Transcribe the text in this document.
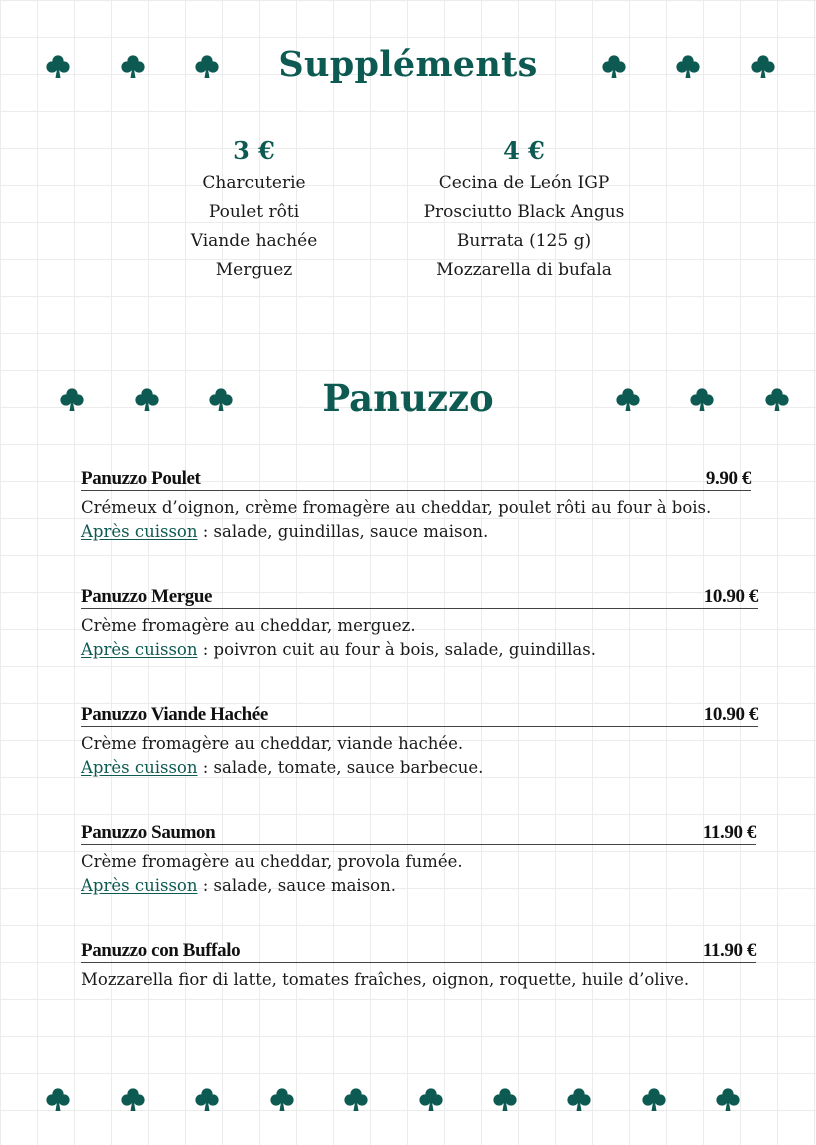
Suppléments
3 €
Charcuterie
Poulet rôti
Viande hachée
Merguez
4 €
Cecina de León IGP
Prosciutto Black Angus
Burrata (125 g)
Mozzarella di bufala
Panuzzo
Panuzzo Poulet	9.90 €
Crémeux d’oignon, crème fromagère au cheddar, poulet rôti au four à bois.
Après cuisson : salade, guindillas, sauce maison.
Panuzzo Mergue	10.90 €
Crème fromagère au cheddar, merguez.
Après cuisson : poivron cuit au four à bois, salade, guindillas.
Panuzzo Viande Hachée	10.90 €
Crème fromagère au cheddar, viande hachée.
Après cuisson : salade, tomate, sauce barbecue.
Panuzzo Saumon	11.90 €
Crème fromagère au cheddar, provola fumée.
Après cuisson : salade, sauce maison.
Panuzzo con Buffalo	11.90 €
Mozzarella fior di latte, tomates fraîches, oignon, roquette, huile d’olive.
